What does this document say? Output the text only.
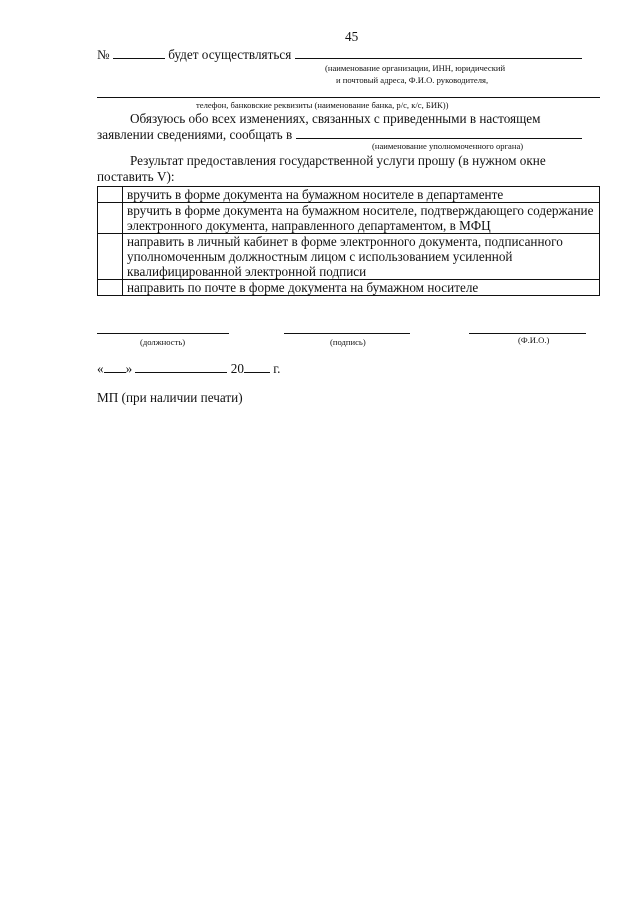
45
№	будет осуществляться
(наименование организации, ИНН, юридический
и почтовый адреса, Ф.И.О. руководителя,
телефон, банковские реквизиты (наименование банка, р/с, к/с, БИК))
Обязуюсь обо всех изменениях, связанных с приведенными в настоящем
заявлении сведениями, сообщать в
(наименование уполномоченного органа)
Результат предоставления государственной услуги прошу (в нужном окне
поставить V):
	вручить в форме документа на бумажном носителе в департаменте
	вручить в форме документа на бумажном носителе, подтверждающего содержание электронного документа, направленного департаментом, в МФЦ
	направить в личный кабинет в форме электронного документа, подписанного уполномоченным должностным лицом с использованием усиленной квалифицированной электронной подписи
	направить по почте в форме документа на бумажном носителе
(должность)	(подпись)	(Ф.И.О.)
« »	20 г.
МП (при наличии печати)
